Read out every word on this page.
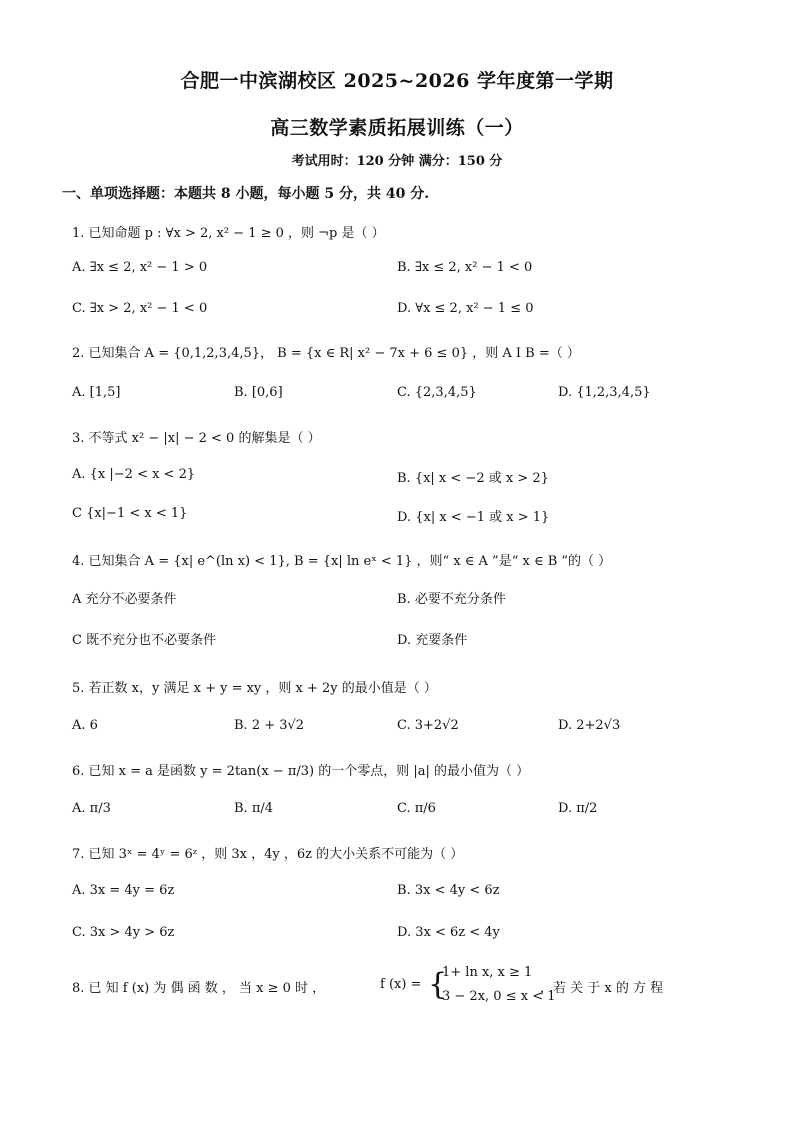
合肥一中滨湖校区 2025~2026 学年度第一学期
高三数学素质拓展训练（一）
考试用时：120 分钟 满分：150 分
一、单项选择题：本题共 8 小题，每小题 5 分，共 40 分.
1. 已知命题 p : ∀x > 2, x² − 1 ≥ 0 ，则 ¬p 是（ ）
A. ∃x ≤ 2, x² − 1 > 0	B. ∃x ≤ 2, x² − 1 < 0
C. ∃x > 2, x² − 1 < 0	D. ∀x ≤ 2, x² − 1 ≤ 0
2. 已知集合 A = {0,1,2,3,4,5}， B = {x ∈ R| x² − 7x + 6 ≤ 0} ，则 A I B =（ ）
A. [1,5]	B. [0,6]	C. {2,3,4,5}	D. {1,2,3,4,5}
3. 不等式 x² − |x| − 2 < 0 的解集是（ ）
A. {x |−2 < x < 2}	B. {x| x < −2 或 x > 2}
C {x|−1 < x < 1}	D. {x| x < −1 或 x > 1}
4. 已知集合 A = {x| e^(ln x) < 1}, B = {x| ln eˣ < 1} ，则“ x ∈ A ”是“ x ∈ B ”的（ ）
A 充分不必要条件	B. 必要不充分条件
C 既不充分也不必要条件	D. 充要条件
5. 若正数 x，y 满足 x + y = xy ，则 x + 2y 的最小值是（ ）
A. 6	B. 2 + 3√2	C. 3+2√2	D. 2+2√3
6. 已知 x = a 是函数 y = 2tan(x − π/3) 的一个零点，则 |a| 的最小值为（ ）
A. π/3	B. π/4	C. π/6	D. π/2
7. 已知 3ˣ = 4ʸ = 6ᶻ ，则 3x ，4y ，6z 的大小关系不可能为（ ）
A. 3x = 4y = 6z	B. 3x < 4y < 6z
C. 3x > 4y > 6z	D. 3x < 6z < 4y
8. 已 知 f (x) 为 偶 函 数 ， 当 x ≥ 0 时 ，	f (x) = {
1+ ln x, x ≥ 1
3 − 2x, 0 ≤ x < 1
，若 关 于 x 的 方 程
